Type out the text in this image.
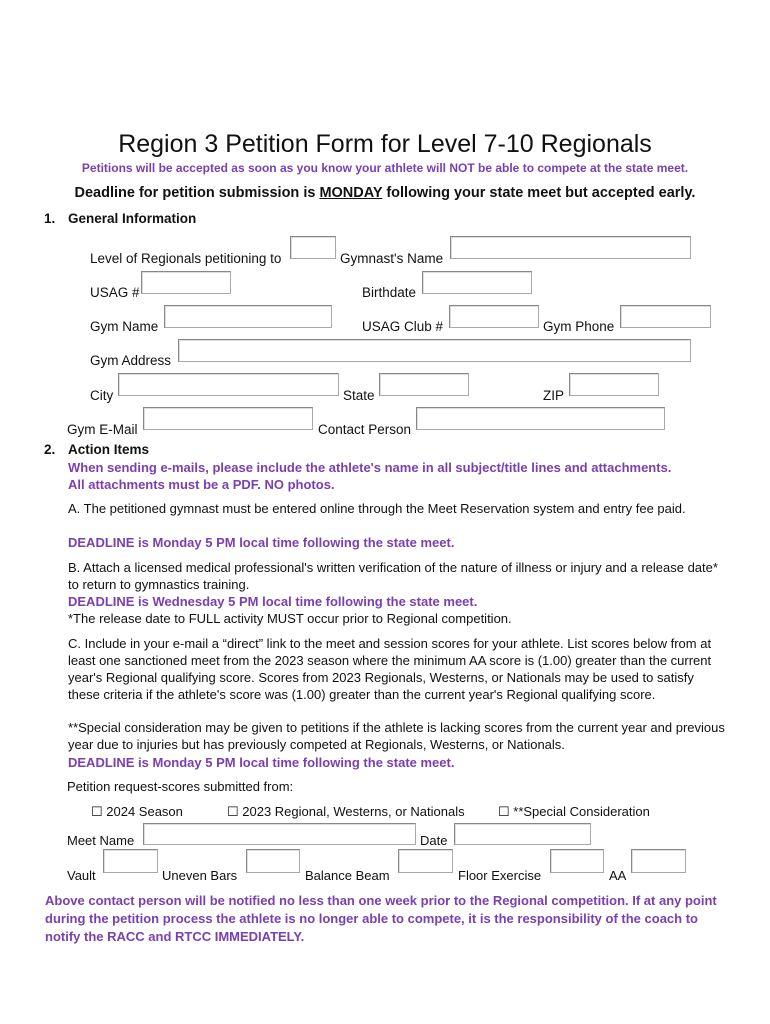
Region 3 Petition Form for Level 7-10 Regionals
Petitions will be accepted as soon as you know your athlete will NOT be able to compete at the state meet.
Deadline for petition submission is MONDAY following your state meet but accepted early.
1. General Information
Level of Regionals petitioning to	Gymnast's Name
USAG #	Birthdate
Gym Name	USAG Club #	Gym Phone
Gym Address
City	State	ZIP
Gym E-Mail	Contact Person
2. Action Items
When sending e-mails, please include the athlete's name in all subject/title lines and attachments.
All attachments must be a PDF. NO photos.
A. The petitioned gymnast must be entered online through the Meet Reservation system and entry fee paid.
DEADLINE is Monday 5 PM local time following the state meet.
B. Attach a licensed medical professional's written verification of the nature of illness or injury and a release date* to return to gymnastics training.
DEADLINE is Wednesday 5 PM local time following the state meet.
*The release date to FULL activity MUST occur prior to Regional competition.
C. Include in your e-mail a “direct” link to the meet and session scores for your athlete. List scores below from at least one sanctioned meet from the 2023 season where the minimum AA score is (1.00) greater than the current year's Regional qualifying score. Scores from 2023 Regionals, Westerns, or Nationals may be used to satisfy these criteria if the athlete's score was (1.00) greater than the current year's Regional qualifying score.
**Special consideration may be given to petitions if the athlete is lacking scores from the current year and previous year due to injuries but has previously competed at Regionals, Westerns, or Nationals.
DEADLINE is Monday 5 PM local time following the state meet.
Petition request-scores submitted from:
☐ 2024 Season	☐ 2023 Regional, Westerns, or Nationals	☐ **Special Consideration
Meet Name	Date
Vault	Uneven Bars	Balance Beam	Floor Exercise	AA
Above contact person will be notified no less than one week prior to the Regional competition. If at any point during the petition process the athlete is no longer able to compete, it is the responsibility of the coach to notify the RACC and RTCC IMMEDIATELY.
